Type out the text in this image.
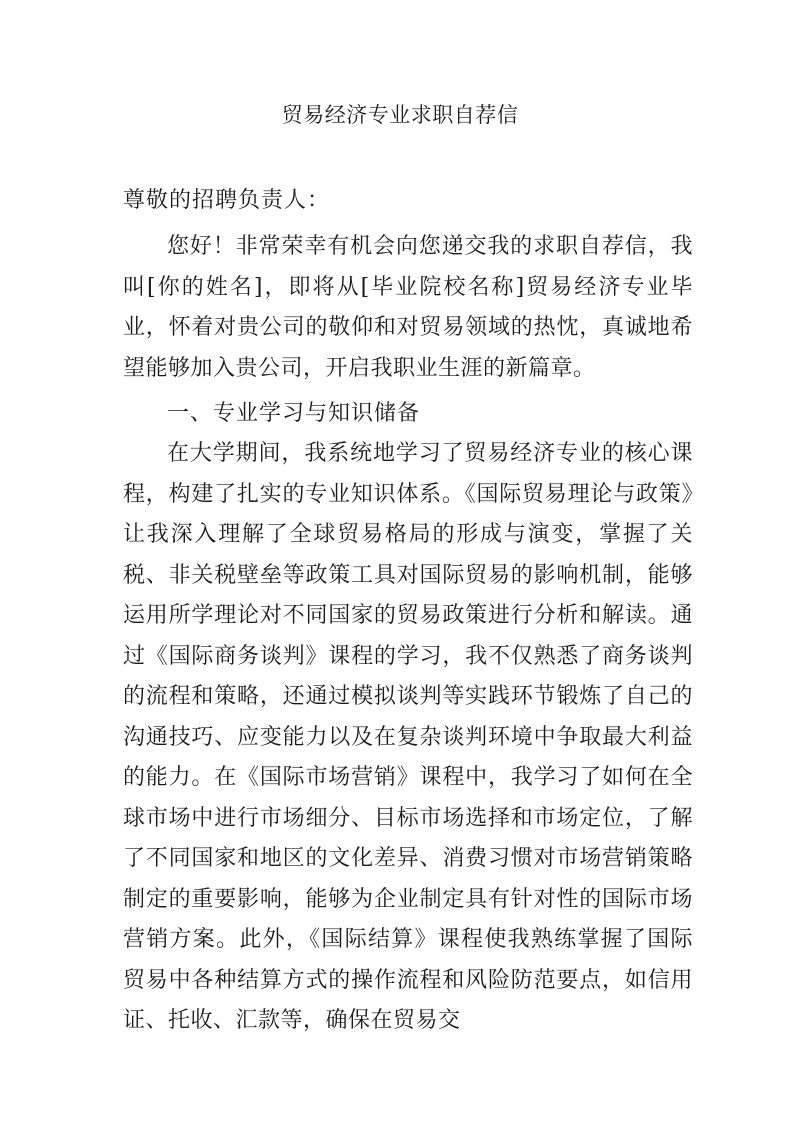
贸易经济专业求职自荐信
尊敬的招聘负责人：

您好！非常荣幸有机会向您递交我的求职自荐信，我叫[你的姓名]，即将从[毕业院校名称]贸易经济专业毕业，怀着对贵公司的敬仰和对贸易领域的热忱，真诚地希望能够加入贵公司，开启我职业生涯的新篇章。

一、专业学习与知识储备

在大学期间，我系统地学习了贸易经济专业的核心课程，构建了扎实的专业知识体系。《国际贸易理论与政策》让我深入理解了全球贸易格局的形成与演变，掌握了关税、非关税壁垒等政策工具对国际贸易的影响机制，能够运用所学理论对不同国家的贸易政策进行分析和解读。通过《国际商务谈判》课程的学习，我不仅熟悉了商务谈判的流程和策略，还通过模拟谈判等实践环节锻炼了自己的沟通技巧、应变能力以及在复杂谈判环境中争取最大利益的能力。在《国际市场营销》课程中，我学习了如何在全球市场中进行市场细分、目标市场选择和市场定位，了解了不同国家和地区的文化差异、消费习惯对市场营销策略制定的重要影响，能够为企业制定具有针对性的国际市场营销方案。此外，《国际结算》课程使我熟练掌握了国际贸易中各种结算方式的操作流程和风险防范要点，如信用证、托收、汇款等，确保在贸易交
